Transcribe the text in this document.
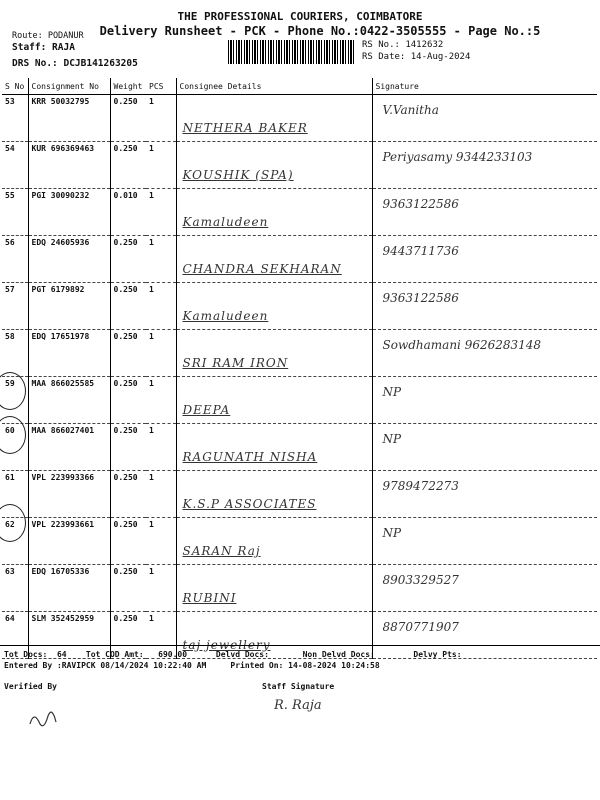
THE PROFESSIONAL COURIERS, COIMBATORE
Delivery Runsheet - PCK - Phone No.:0422-3505555 - Page No.:5
Route: PODANUR
Staff: RAJA
DRS No.: DCJB141263205
RS No.: 1412632
RS Date: 14-Aug-2024
S No	Consignment No	Weight	PCS	Consignee Details	Signature
53	KRR 50032795	0.250	1	NETHERA BAKER	V.Vanitha

54	KUR 696369463	0.250	1	KOUSHIK (SPA)	Periyasamy 9344233103

55	PGI 30090232	0.010	1	Kamaludeen	9363122586

56	EDQ 24605936	0.250	1	CHANDRA SEKHARAN	9443711736

57	PGT 6179892	0.250	1	Kamaludeen	9363122586

58	EDQ 17651978	0.250	1	SRI RAM IRON	Sowdhamani 9626283148

59	MAA 866025585	0.250	1	DEEPA	NP

60	MAA 866027401	0.250	1	RAGUNATH NISHA	NP

61	VPL 223993366	0.250	1	K.S.P ASSOCIATES	9789472273

62	VPL 223993661	0.250	1	SARAN Raj	NP

63	EDQ 16705336	0.250	1	RUBINI	8903329527

64	SLM 352452959	0.250	1	taj jewellery	8870771907
Tot Docs:  64    Tot COD Amt:   690.00      Delvd Docs:       Non Delvd Docs:        Delvy Pts:
Entered By :RAVIPCK 08/14/2024 10:22:40 AM     Printed On: 14-08-2024 10:24:58
Verified By	Staff Signature
R. Raja
